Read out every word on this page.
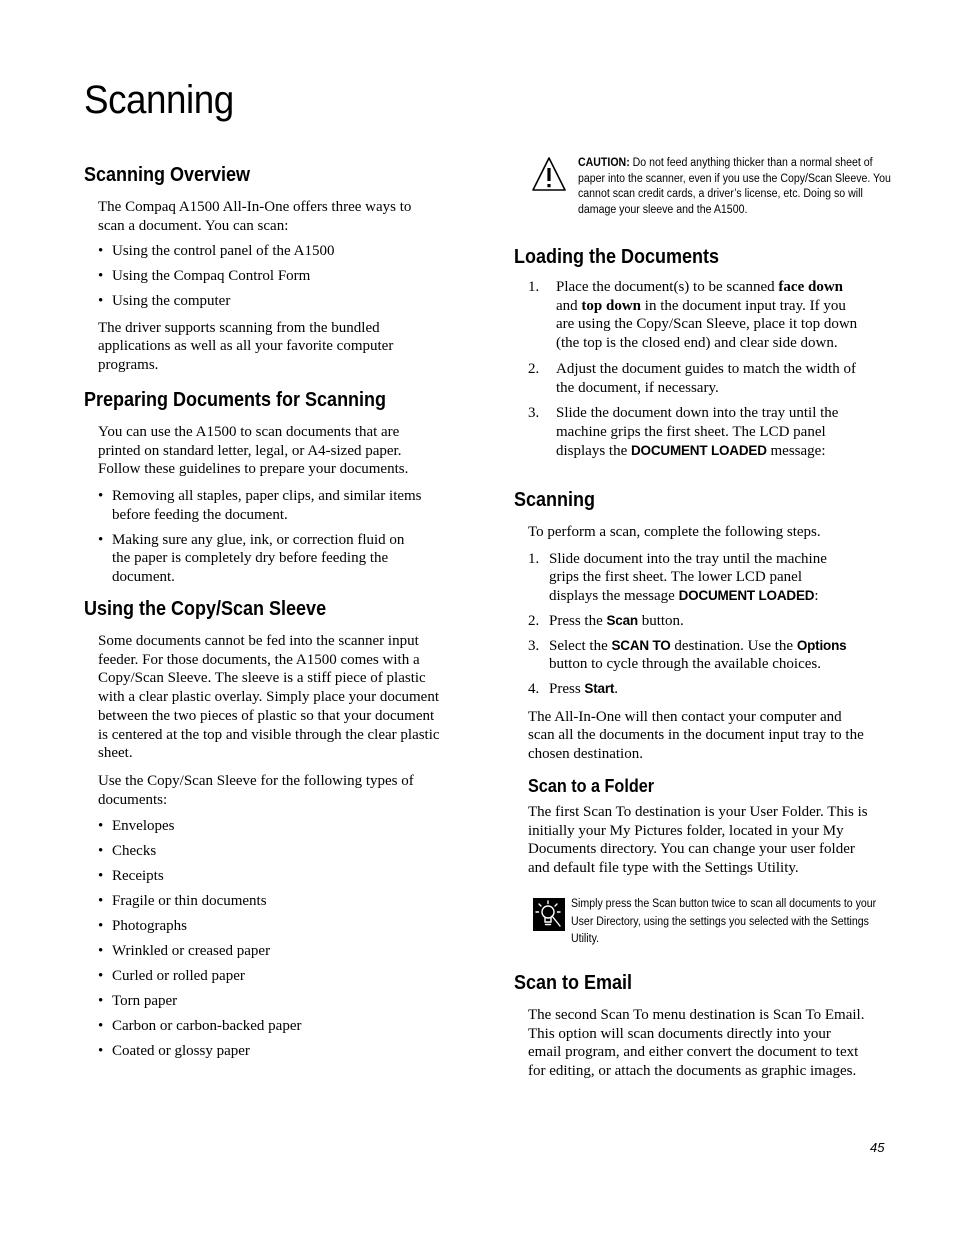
Scanning
Scanning Overview

The Compaq A1500 All-In-One offers three ways to scan a document. You can scan:

• Using the control panel of the A1500
• Using the Compaq Control Form
• Using the computer

The driver supports scanning from the bundled applications as well as all your favorite computer programs.

Preparing Documents for Scanning

You can use the A1500 to scan documents that are printed on standard letter, legal, or A4-sized paper. Follow these guidelines to prepare your documents.

• Removing all staples, paper clips, and similar items before feeding the document.
• Making sure any glue, ink, or correction fluid on the paper is completely dry before feeding the document.
Using the Copy/Scan Sleeve

Some documents cannot be fed into the scanner input feeder. For those documents, the A1500 comes with a Copy/Scan Sleeve. The sleeve is a stiff piece of plastic with a clear plastic overlay. Simply place your document between the two pieces of plastic so that your document is centered at the top and visible through the clear plastic sheet.

Use the Copy/Scan Sleeve for the following types of documents:

• Envelopes
• Checks
• Receipts
• Fragile or thin documents
• Photographs
• Wrinkled or creased paper
• Curled or rolled paper
• Torn paper
• Carbon or carbon-backed paper
• Coated or glossy paper

CAUTION: Do not feed anything thicker than a normal sheet of paper into the scanner, even if you use the Copy/Scan Sleeve. You cannot scan credit cards, a driver’s license, etc. Doing so will damage your sleeve and the A1500.

Loading the Documents
1. Place the document(s) to be scanned face down and top down in the document input tray. If you are using the Copy/Scan Sleeve, place it top down (the top is the closed end) and clear side down.
2. Adjust the document guides to match the width of the document, if necessary.
3. Slide the document down into the tray until the machine grips the first sheet. The LCD panel displays the DOCUMENT LOADED message:
Scanning

To perform a scan, complete the following steps.

1. Slide document into the tray until the machine grips the first sheet. The lower LCD panel displays the message DOCUMENT LOADED:
2. Press the Scan button.
3. Select the SCAN TO destination. Use the Options button to cycle through the available choices.
4. Press Start.

The All-In-One will then contact your computer and scan all the documents in the document input tray to the chosen destination.

Scan to a Folder

The first Scan To destination is your User Folder. This is initially your My Pictures folder, located in your My Documents directory. You can change your user folder and default file type with the Settings Utility.

Simply press the Scan button twice to scan all documents to your User Directory, using the settings you selected with the Settings Utility.

Scan to Email

The second Scan To menu destination is Scan To Email. This option will scan documents directly into your email program, and either convert the document to text for editing, or attach the documents as graphic images.

45
